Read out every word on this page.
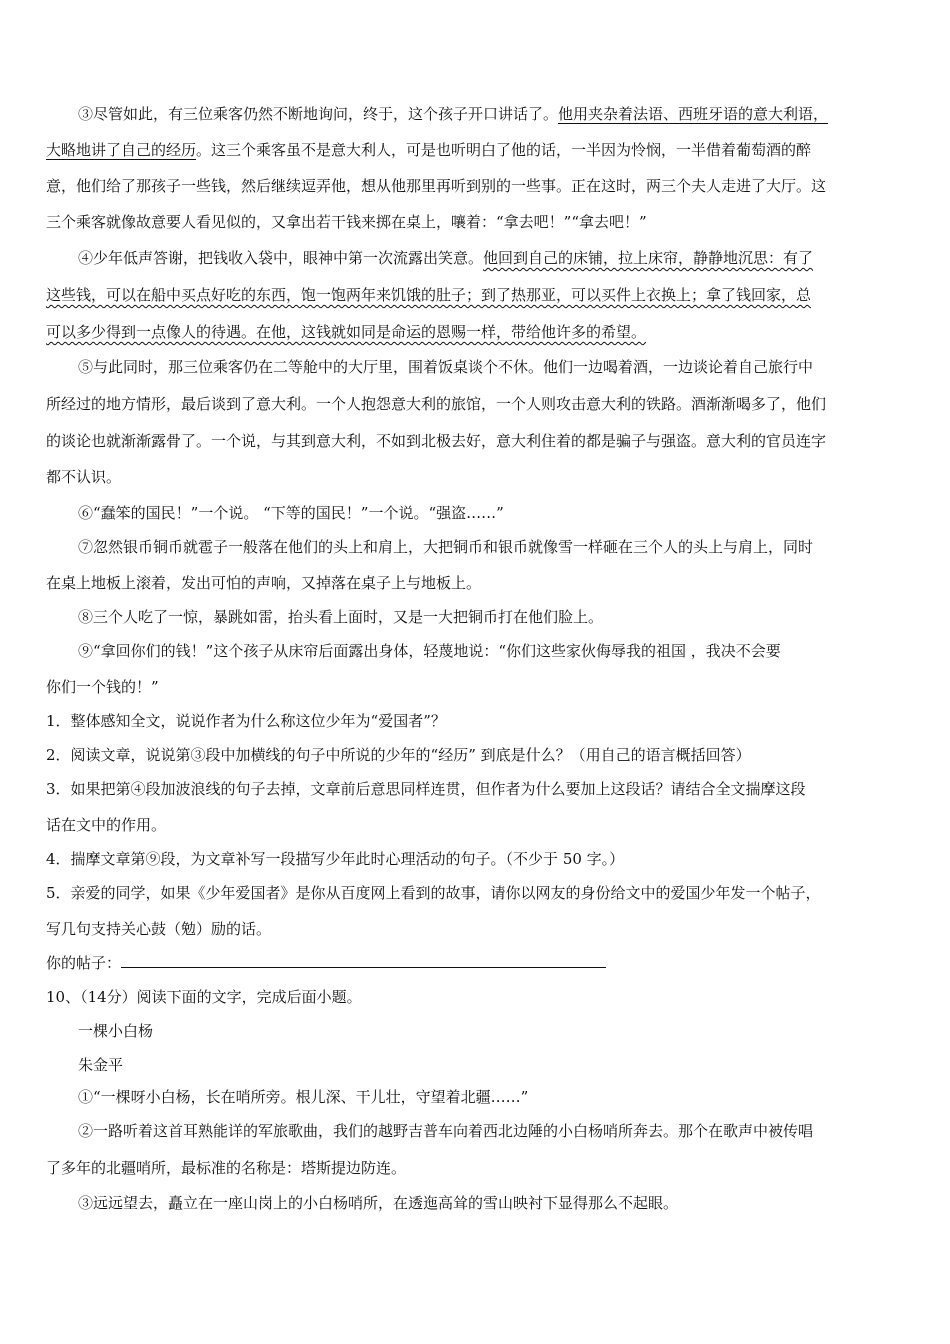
③尽管如此，有三位乘客仍然不断地询问，终于，这个孩子开口讲话了。他用夹杂着法语、西班牙语的意大利语，
大略地讲了自己的经历。这三个乘客虽不是意大利人，可是也听明白了他的话，一半因为怜悯，一半借着葡萄酒的醉
意，他们给了那孩子一些钱，然后继续逗弄他，想从他那里再听到别的一些事。正在这时，两三个夫人走进了大厅。这
三个乘客就像故意要人看见似的，又拿出若干钱来掷在桌上，嚷着：“拿去吧！”“拿去吧！”
④少年低声答谢，把钱收入袋中，眼神中第一次流露出笑意。他回到自己的床铺，拉上床帘，静静地沉思：有了
这些钱，可以在船中买点好吃的东西，饱一饱两年来饥饿的肚子；到了热那亚，可以买件上衣换上；拿了钱回家，总
可以多少得到一点像人的待遇。在他，这钱就如同是命运的恩赐一样，带给他许多的希望。
⑤与此同时，那三位乘客仍在二等舱中的大厅里，围着饭桌谈个不休。他们一边喝着酒，一边谈论着自己旅行中
所经过的地方情形，最后谈到了意大利。一个人抱怨意大利的旅馆，一个人则攻击意大利的铁路。酒渐渐喝多了，他们
的谈论也就渐渐露骨了。一个说，与其到意大利，不如到北极去好，意大利住着的都是骗子与强盗。意大利的官员连字
都不认识。
⑥“蠢笨的国民！”一个说。 “下等的国民！”一个说。“强盗……”
⑦忽然银币铜币就雹子一般落在他们的头上和肩上，大把铜币和银币就像雪一样砸在三个人的头上与肩上，同时
在桌上地板上滚着，发出可怕的声响，又掉落在桌子上与地板上。
⑧三个人吃了一惊，暴跳如雷，抬头看上面时，又是一大把铜币打在他们脸上。
⑨“拿回你们的钱！”这个孩子从床帘后面露出身体，轻蔑地说：“你们这些家伙侮辱我的祖国 ，我决不会要
你们一个钱的！”
1．整体感知全文，说说作者为什么称这位少年为“爱国者”？
2．阅读文章，说说第③段中加横线的句子中所说的少年的“经历” 到底是什么？（用自己的语言概括回答）
3．如果把第④段加波浪线的句子去掉，文章前后意思同样连贯，但作者为什么要加上这段话？请结合全文揣摩这段
话在文中的作用。
4．揣摩文章第⑨段，为文章补写一段描写少年此时心理活动的句子。（不少于 50 字。）
5．亲爱的同学，如果《少年爱国者》是你从百度网上看到的故事，请你以网友的身份给文中的爱国少年发一个帖子，
写几句支持关心鼓（勉）励的话。
你的帖子：
10、（14分）阅读下面的文字，完成后面小题。
一棵小白杨
朱金平
①“一棵呀小白杨，长在哨所旁。根儿深、干儿壮，守望着北疆……”
②一路听着这首耳熟能详的军旅歌曲，我们的越野吉普车向着西北边陲的小白杨哨所奔去。那个在歌声中被传唱
了多年的北疆哨所，最标准的名称是：塔斯提边防连。
③远远望去，矗立在一座山岗上的小白杨哨所，在透迤高耸的雪山映衬下显得那么不起眼。
